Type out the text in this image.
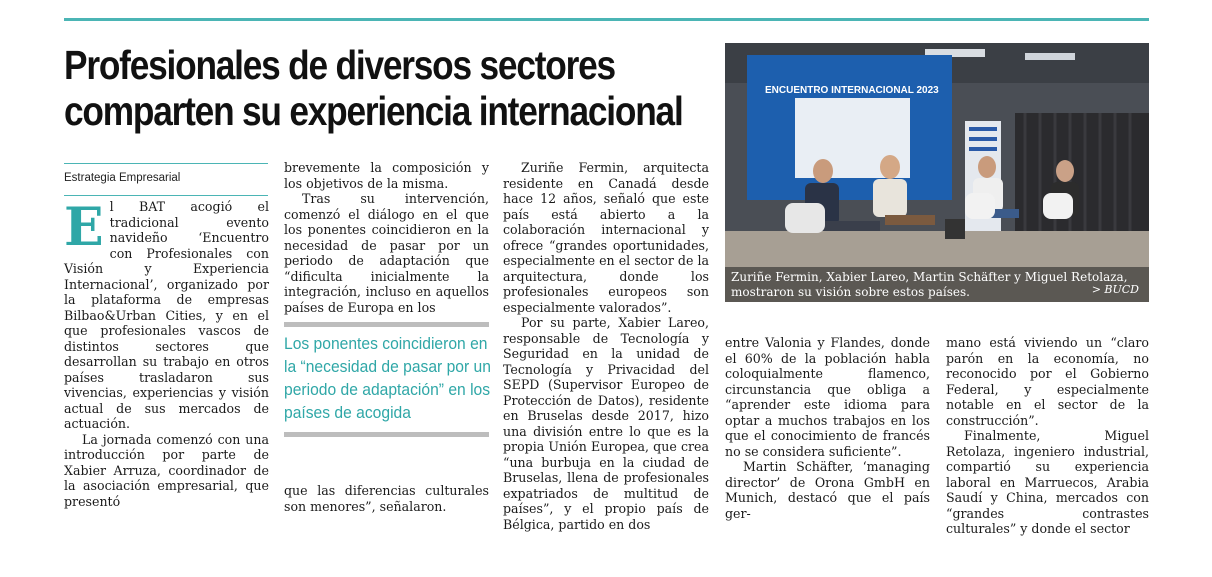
Profesionales de diversos sectores
comparten su experiencia internacional
Estrategia Empresarial
E l BAT acogió el tradicional evento navideño ‘Encuentro con Profesionales con Visión y Experiencia Internacional’, organizado por la plataforma de empresas Bilbao&Urban Cities, y en el que profesionales vascos de distintos sectores que desarrollan su trabajo en otros países trasladaron sus vivencias, experiencias y visión actual de sus mercados de actuación.

La jornada comenzó con una introducción por parte de Xabier Arruza, coordinador de la asociación empresarial, que presentó

brevemente la composición y los objetivos de la misma.

Tras su intervención, comenzó el diálogo en el que los ponentes coincidieron en la necesidad de pasar por un periodo de adaptación que “dificulta inicialmente la integración, incluso en aquellos países de Europa en los

Los ponentes coincidieron en
la “necesidad de pasar por un
periodo de adaptación” en los
países de acogida

que las diferencias culturales son menores”, señalaron.

Zuriñe Fermin, arquitecta residente en Canadá desde hace 12 años, señaló que este país está abierto a la colaboración internacional y ofrece “grandes oportunidades, especialmente en el sector de la arquitectura, donde los profesionales europeos son especialmente valorados”.

Por su parte, Xabier Lareo, responsable de Tecnología y Seguridad en la unidad de Tecnología y Privacidad del SEPD (Supervisor Europeo de Protección de Datos), residente en Bruselas desde 2017, hizo una división entre lo que es la propia Unión Europea, que crea “una burbuja en la ciudad de Bruselas, llena de profesionales expatriados de multitud de países”, y el propio país de Bélgica, partido en dos

ENCUENTRO INTERNACIONAL 2023
Zuriñe Fermin, Xabier Lareo, Martin Schäfter y Miguel Retolaza, mostraron su visión sobre estos países.	> BUCD

entre Valonia y Flandes, donde el 60% de la población habla coloquialmente flamenco, circunstancia que obliga a “aprender este idioma para optar a muchos trabajos en los que el conocimiento de francés no se considera suficiente”.

Martin Schäfter, ‘managing director’ de Orona GmbH en Munich, destacó que el país ger-

mano está viviendo un “claro parón en la economía, no reconocido por el Gobierno Federal, y especialmente notable en el sector de la construcción”.

Finalmente, Miguel Retolaza, ingeniero industrial, compartió su experiencia laboral en Marruecos, Arabia Saudí y China, mercados con “grandes contrastes culturales” y donde el sector
